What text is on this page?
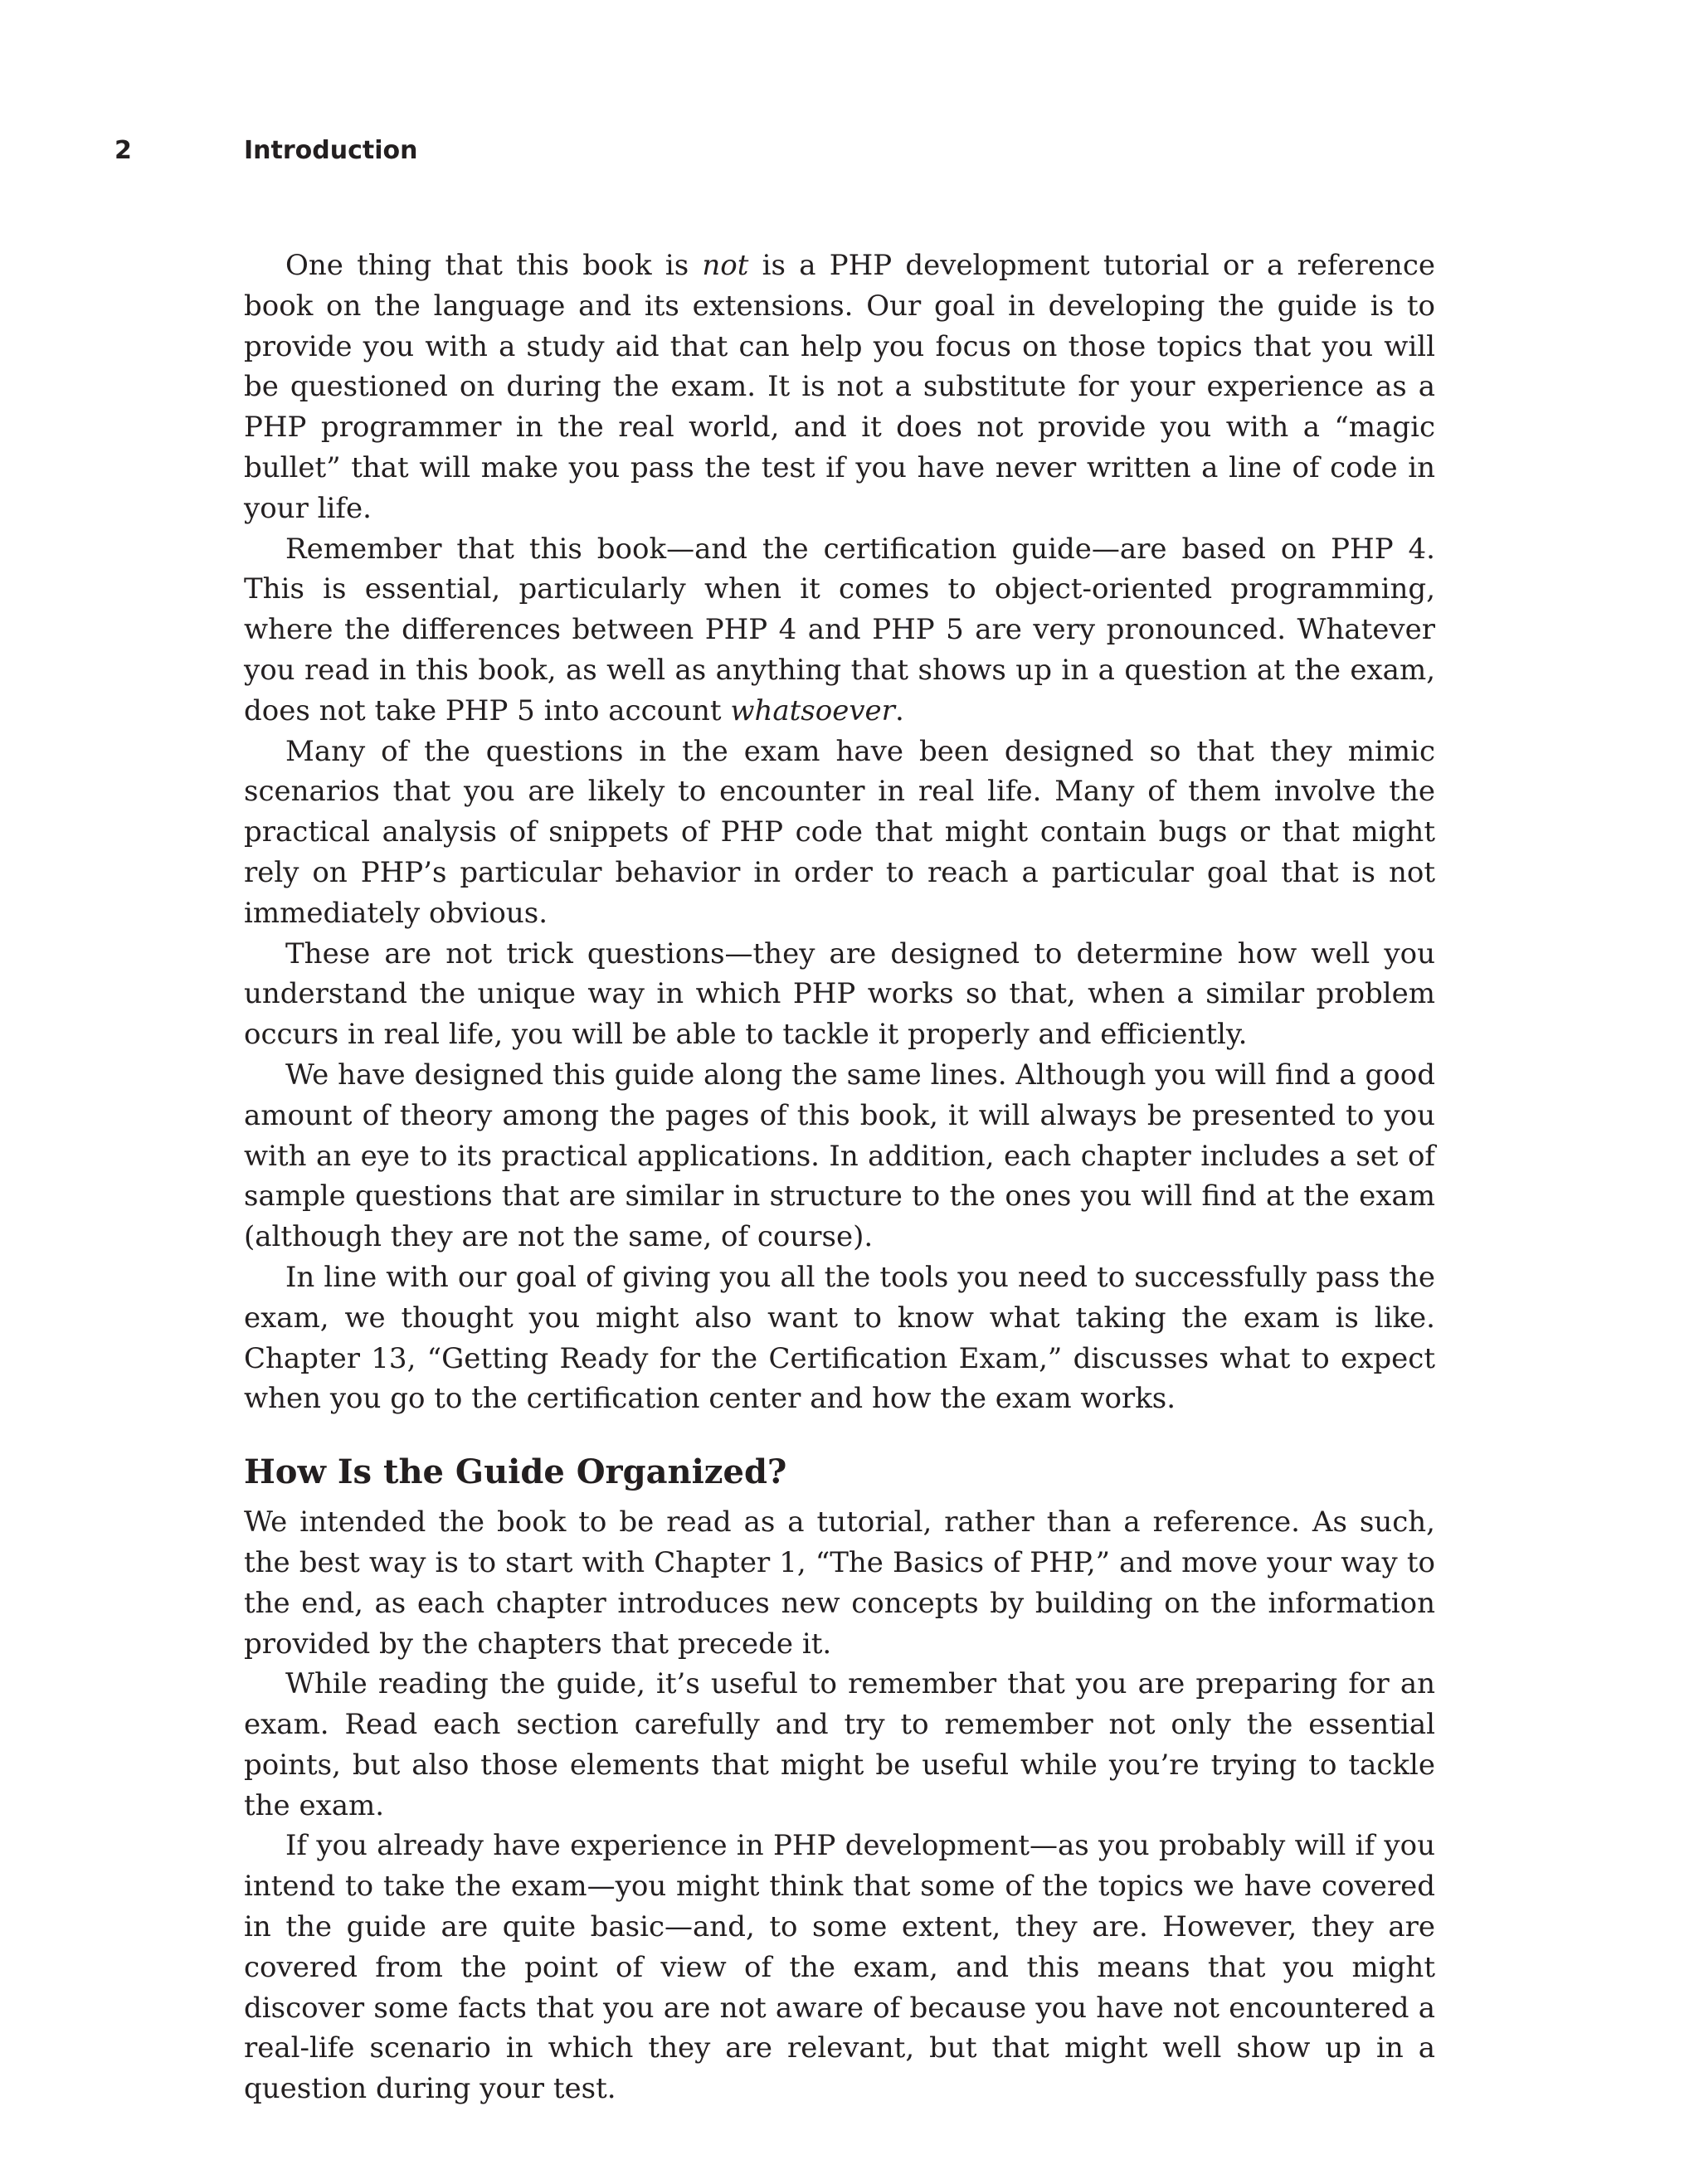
2	Introduction

One thing that this book is not is a PHP development tutorial or a reference book on the language and its extensions. Our goal in developing the guide is to provide you with a study aid that can help you focus on those topics that you will be questioned on during the exam. It is not a substitute for your experience as a PHP programmer in the real world, and it does not provide you with a “magic bullet” that will make you pass the test if you have never written a line of code in your life.

Remember that this book—and the certification guide—are based on PHP 4. This is essential, particularly when it comes to object-oriented programming, where the differences between PHP 4 and PHP 5 are very pronounced. Whatever you read in this book, as well as anything that shows up in a question at the exam, does not take PHP 5 into account whatsoever.

Many of the questions in the exam have been designed so that they mimic scenarios that you are likely to encounter in real life. Many of them involve the practical analysis of snippets of PHP code that might contain bugs or that might rely on PHP’s particular behavior in order to reach a particular goal that is not immediately obvious.

These are not trick questions—they are designed to determine how well you understand the unique way in which PHP works so that, when a similar problem occurs in real life, you will be able to tackle it properly and efficiently.

We have designed this guide along the same lines. Although you will find a good amount of theory among the pages of this book, it will always be presented to you with an eye to its practical applications. In addition, each chapter includes a set of sample questions that are similar in structure to the ones you will find at the exam (although they are not the same, of course).

In line with our goal of giving you all the tools you need to successfully pass the exam, we thought you might also want to know what taking the exam is like. Chapter 13, “Getting Ready for the Certification Exam,” discusses what to expect when you go to the certification center and how the exam works.

How Is the Guide Organized?

We intended the book to be read as a tutorial, rather than a reference. As such, the best way is to start with Chapter 1, “The Basics of PHP,” and move your way to the end, as each chapter introduces new concepts by building on the information provided by the chapters that precede it.

While reading the guide, it’s useful to remember that you are preparing for an exam. Read each section carefully and try to remember not only the essential points, but also those elements that might be useful while you’re trying to tackle the exam.

If you already have experience in PHP development—as you probably will if you intend to take the exam—you might think that some of the topics we have covered in the guide are quite basic—and, to some extent, they are. However, they are covered from the point of view of the exam, and this means that you might discover some facts that you are not aware of because you have not encountered a real-life scenario in which they are relevant, but that might well show up in a question during your test.
